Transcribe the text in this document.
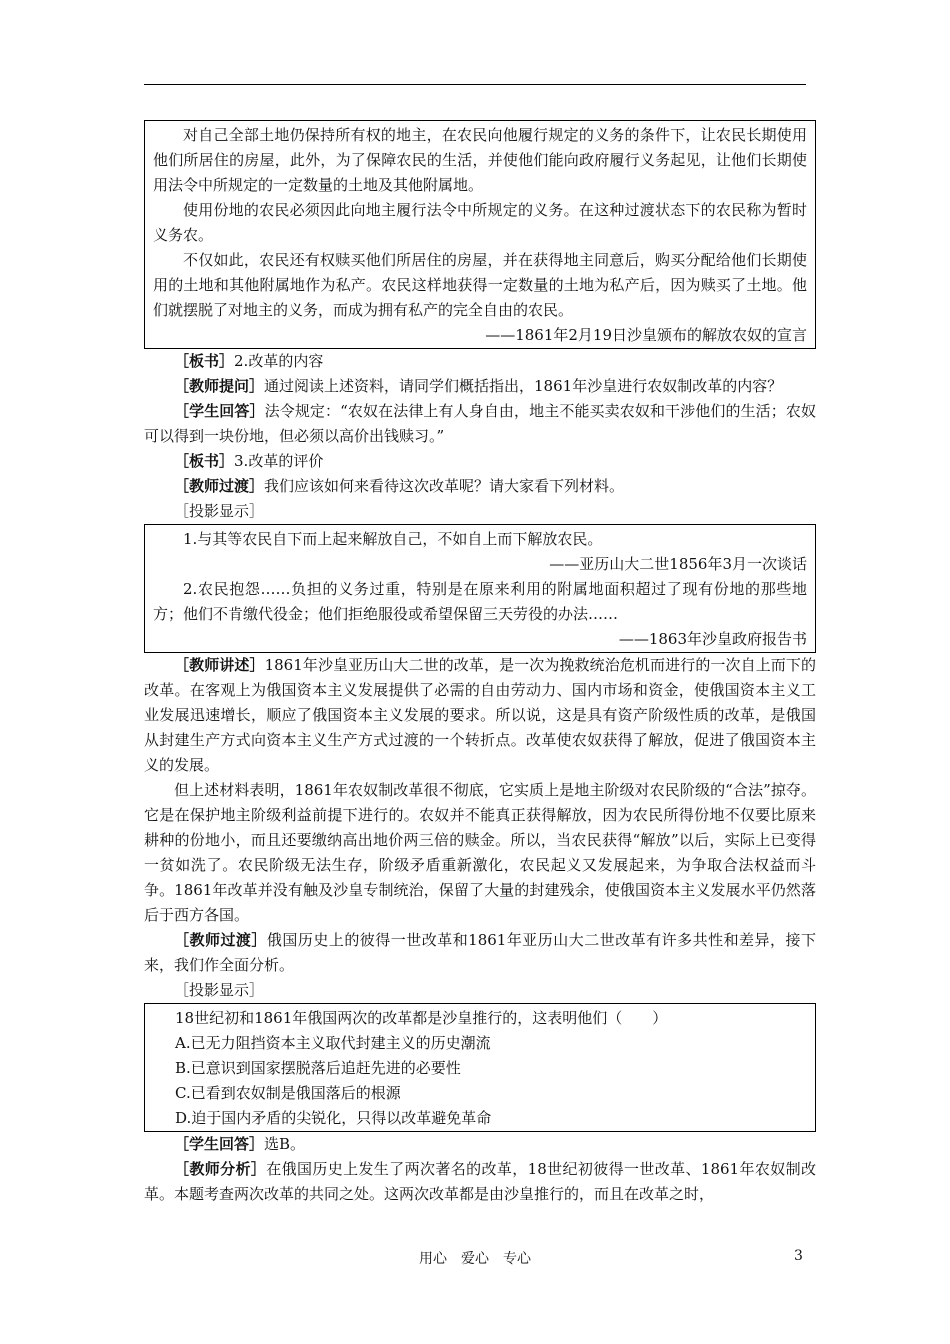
对自己全部土地仍保持所有权的地主，在农民向他履行规定的义务的条件下，让农民长期使用他们所居住的房屋，此外，为了保障农民的生活，并使他们能向政府履行义务起见，让他们长期使用法令中所规定的一定数量的土地及其他附属地。

使用份地的农民必须因此向地主履行法令中所规定的义务。在这种过渡状态下的农民称为暂时义务农。

不仅如此，农民还有权赎买他们所居住的房屋，并在获得地主同意后，购买分配给他们长期使用的土地和其他附属地作为私产。农民这样地获得一定数量的土地为私产后，因为赎买了土地。他们就摆脱了对地主的义务，而成为拥有私产的完全自由的农民。

——1861年2月19日沙皇颁布的解放农奴的宣言

［板书］2.改革的内容

［教师提问］通过阅读上述资料，请同学们概括指出，1861年沙皇进行农奴制改革的内容？

［学生回答］法令规定：“农奴在法律上有人身自由，地主不能买卖农奴和干涉他们的生活；农奴可以得到一块份地，但必须以高价出钱赎习。”

［板书］3.改革的评价

［教师过渡］我们应该如何来看待这次改革呢？请大家看下列材料。

［投影显示］

1.与其等农民自下而上起来解放自己，不如自上而下解放农民。

——亚历山大二世1856年3月一次谈话

2.农民抱怨……负担的义务过重，特别是在原来利用的附属地面积超过了现有份地的那些地方；他们不肯缴代役金；他们拒绝服役或希望保留三天劳役的办法……

——1863年沙皇政府报告书

［教师讲述］1861年沙皇亚历山大二世的改革，是一次为挽救统治危机而进行的一次自上而下的改革。在客观上为俄国资本主义发展提供了必需的自由劳动力、国内市场和资金，使俄国资本主义工业发展迅速增长，顺应了俄国资本主义发展的要求。所以说，这是具有资产阶级性质的改革，是俄国从封建生产方式向资本主义生产方式过渡的一个转折点。改革使农奴获得了解放，促进了俄国资本主义的发展。

但上述材料表明，1861年农奴制改革很不彻底，它实质上是地主阶级对农民阶级的“合法”掠夺。它是在保护地主阶级利益前提下进行的。农奴并不能真正获得解放，因为农民所得份地不仅要比原来耕种的份地小，而且还要缴纳高出地价两三倍的赎金。所以，当农民获得“解放”以后，实际上已变得一贫如洗了。农民阶级无法生存，阶级矛盾重新激化，农民起义又发展起来，为争取合法权益而斗争。1861年改革并没有触及沙皇专制统治，保留了大量的封建残余，使俄国资本主义发展水平仍然落后于西方各国。

［教师过渡］俄国历史上的彼得一世改革和1861年亚历山大二世改革有许多共性和差异，接下来，我们作全面分析。

［投影显示］

18世纪初和1861年俄国两次的改革都是沙皇推行的，这表明他们（　　）

A.已无力阻挡资本主义取代封建主义的历史潮流

B.已意识到国家摆脱落后追赶先进的必要性

C.已看到农奴制是俄国落后的根源

D.迫于国内矛盾的尖锐化，只得以改革避免革命

［学生回答］选B。

［教师分析］在俄国历史上发生了两次著名的改革，18世纪初彼得一世改革、1861年农奴制改革。本题考查两次改革的共同之处。这两次改革都是由沙皇推行的，而且在改革之时，

用心　爱心　专心	3
